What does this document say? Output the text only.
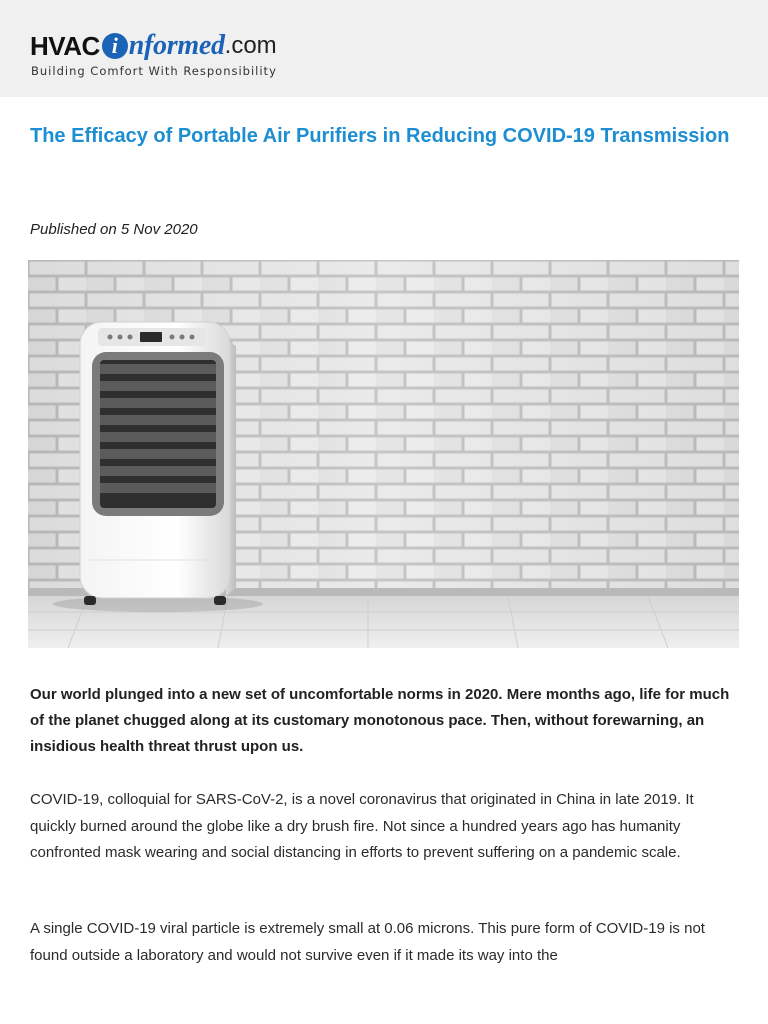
HVAC i nformed .com
Building Comfort With Responsibility
The Efficacy of Portable Air Purifiers in Reducing COVID-19 Transmission
Published on 5 Nov 2020

Our world plunged into a new set of uncomfortable norms in 2020. Mere months ago, life for much of the planet chugged along at its customary monotonous pace. Then, without forewarning, an insidious health threat thrust upon us.

COVID-19, colloquial for SARS-CoV-2, is a novel coronavirus that originated in China in late 2019. It quickly burned around the globe like a dry brush fire. Not since a hundred years ago has humanity confronted mask wearing and social distancing in efforts to prevent suffering on a pandemic scale.

A single COVID-19 viral particle is extremely small at 0.06 microns. This pure form of COVID-19 is not found outside a laboratory and would not survive even if it made its way into the
